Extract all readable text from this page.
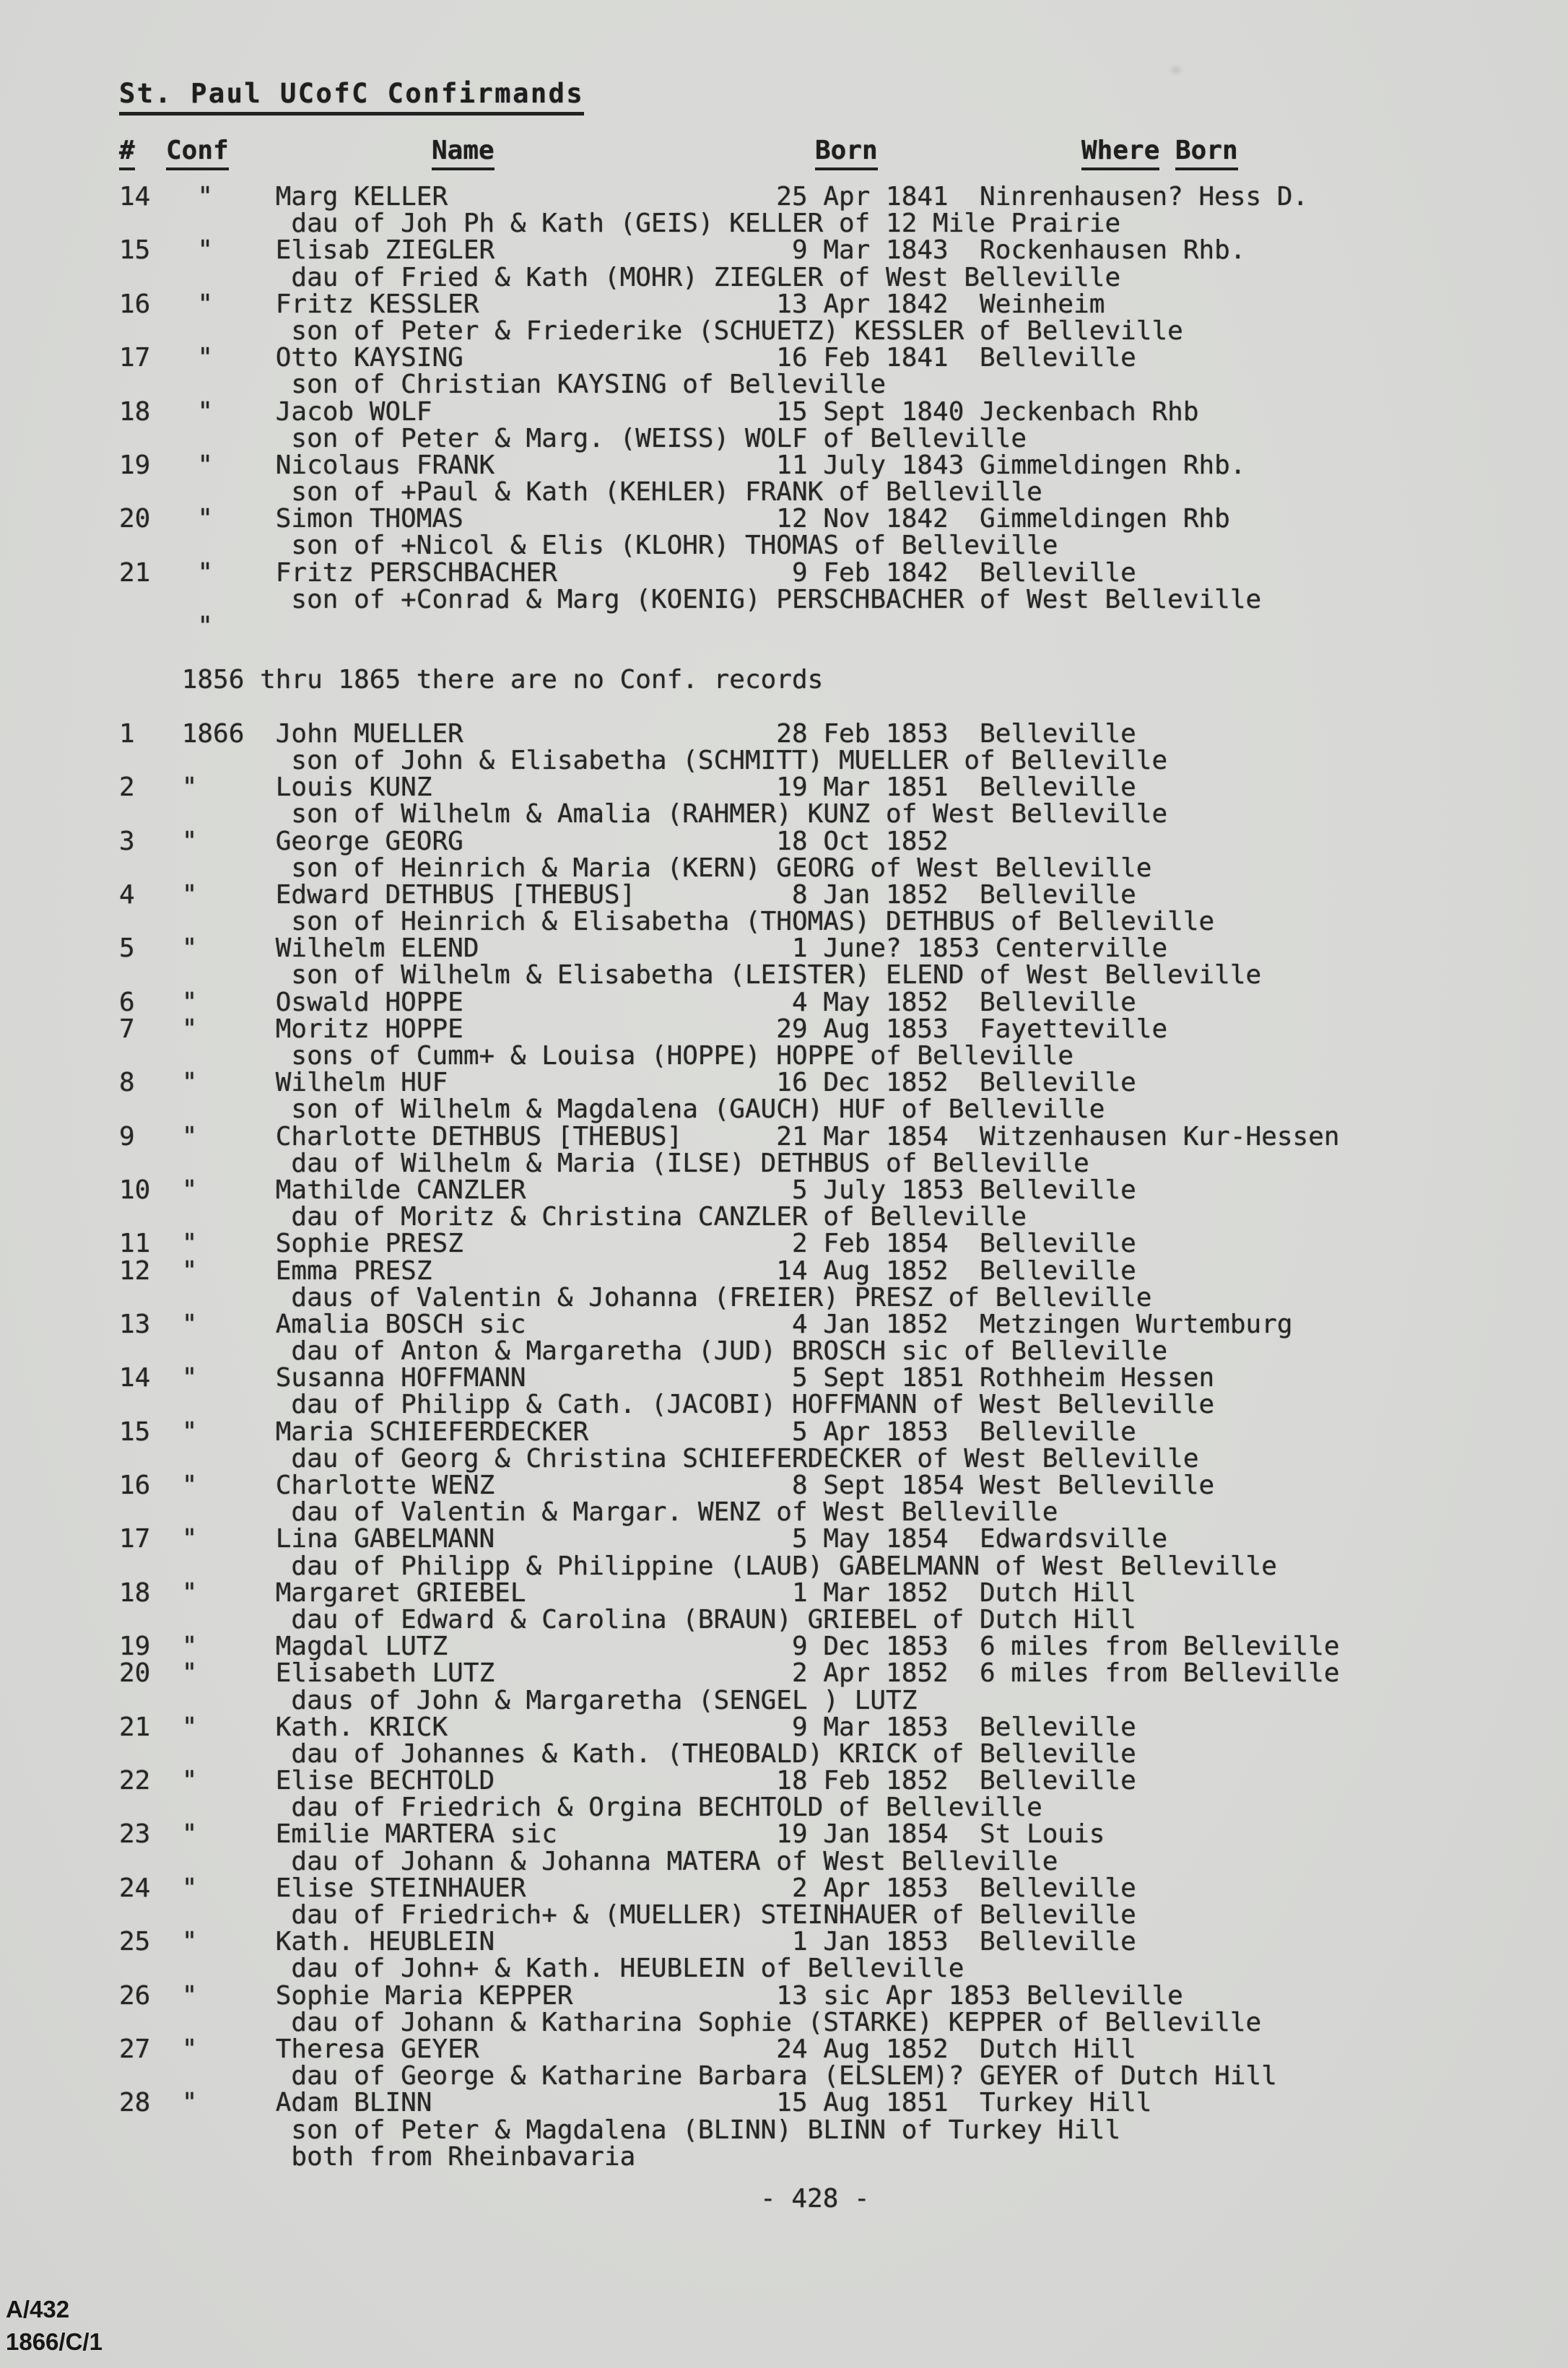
St. Paul UCofC Confirmands
# Conf	Name	Born	Where Born
14   "    Marg KELLER                     25 Apr 1841  Ninrenhausen? Hess D.
dau of Joh Ph & Kath (GEIS) KELLER of 12 Mile Prairie
15   "    Elisab ZIEGLER                   9 Mar 1843  Rockenhausen Rhb.
dau of Fried & Kath (MOHR) ZIEGLER of West Belleville
16   "    Fritz KESSLER                   13 Apr 1842  Weinheim
son of Peter & Friederike (SCHUETZ) KESSLER of Belleville
17   "    Otto KAYSING                    16 Feb 1841  Belleville
son of Christian KAYSING of Belleville
18   "    Jacob WOLF                      15 Sept 1840 Jeckenbach Rhb
son of Peter & Marg. (WEISS) WOLF of Belleville
19   "    Nicolaus FRANK                  11 July 1843 Gimmeldingen Rhb.
son of +Paul & Kath (KEHLER) FRANK of Belleville
20   "    Simon THOMAS                    12 Nov 1842  Gimmeldingen Rhb
son of +Nicol & Elis (KLOHR) THOMAS of Belleville
21   "    Fritz PERSCHBACHER               9 Feb 1842  Belleville
son of +Conrad & Marg (KOENIG) PERSCHBACHER of West Belleville
"

1856 thru 1865 there are no Conf. records

1   1866  John MUELLER                    28 Feb 1853  Belleville
son of John & Elisabetha (SCHMITT) MUELLER of Belleville
2   "     Louis KUNZ                      19 Mar 1851  Belleville
son of Wilhelm & Amalia (RAHMER) KUNZ of West Belleville
3   "     George GEORG                    18 Oct 1852
son of Heinrich & Maria (KERN) GEORG of West Belleville
4   "     Edward DETHBUS [THEBUS]          8 Jan 1852  Belleville
son of Heinrich & Elisabetha (THOMAS) DETHBUS of Belleville
5   "     Wilhelm ELEND                    1 June? 1853 Centerville
son of Wilhelm & Elisabetha (LEISTER) ELEND of West Belleville
6   "     Oswald HOPPE                     4 May 1852  Belleville
7   "     Moritz HOPPE                    29 Aug 1853  Fayetteville
sons of Cumm+ & Louisa (HOPPE) HOPPE of Belleville
8   "     Wilhelm HUF                     16 Dec 1852  Belleville
son of Wilhelm & Magdalena (GAUCH) HUF of Belleville
9   "     Charlotte DETHBUS [THEBUS]      21 Mar 1854  Witzenhausen Kur-Hessen
dau of Wilhelm & Maria (ILSE) DETHBUS of Belleville
10  "     Mathilde CANZLER                 5 July 1853 Belleville
dau of Moritz & Christina CANZLER of Belleville
11  "     Sophie PRESZ                     2 Feb 1854  Belleville
12  "     Emma PRESZ                      14 Aug 1852  Belleville
daus of Valentin & Johanna (FREIER) PRESZ of Belleville
13  "     Amalia BOSCH sic                 4 Jan 1852  Metzingen Wurtemburg
dau of Anton & Margaretha (JUD) BROSCH sic of Belleville
14  "     Susanna HOFFMANN                 5 Sept 1851 Rothheim Hessen
dau of Philipp & Cath. (JACOBI) HOFFMANN of West Belleville
15  "     Maria SCHIEFERDECKER             5 Apr 1853  Belleville
dau of Georg & Christina SCHIEFERDECKER of West Belleville
16  "     Charlotte WENZ                   8 Sept 1854 West Belleville
dau of Valentin & Margar. WENZ of West Belleville
17  "     Lina GABELMANN                   5 May 1854  Edwardsville
dau of Philipp & Philippine (LAUB) GABELMANN of West Belleville
18  "     Margaret GRIEBEL                 1 Mar 1852  Dutch Hill
dau of Edward & Carolina (BRAUN) GRIEBEL of Dutch Hill
19  "     Magdal LUTZ                      9 Dec 1853  6 miles from Belleville
20  "     Elisabeth LUTZ                   2 Apr 1852  6 miles from Belleville
daus of John & Margaretha (SENGEL ) LUTZ
21  "     Kath. KRICK                      9 Mar 1853  Belleville
dau of Johannes & Kath. (THEOBALD) KRICK of Belleville
22  "     Elise BECHTOLD                  18 Feb 1852  Belleville
dau of Friedrich & Orgina BECHTOLD of Belleville
23  "     Emilie MARTERA sic              19 Jan 1854  St Louis
dau of Johann & Johanna MATERA of West Belleville
24  "     Elise STEINHAUER                 2 Apr 1853  Belleville
dau of Friedrich+ & (MUELLER) STEINHAUER of Belleville
25  "     Kath. HEUBLEIN                   1 Jan 1853  Belleville
dau of John+ & Kath. HEUBLEIN of Belleville
26  "     Sophie Maria KEPPER             13 sic Apr 1853 Belleville
dau of Johann & Katharina Sophie (STARKE) KEPPER of Belleville
27  "     Theresa GEYER                   24 Aug 1852  Dutch Hill
dau of George & Katharine Barbara (ELSLEM)? GEYER of Dutch Hill
28  "     Adam BLINN                      15 Aug 1851  Turkey Hill
son of Peter & Magdalena (BLINN) BLINN of Turkey Hill
both from Rheinbavaria
- 428 -
A/432
1866/C/1
